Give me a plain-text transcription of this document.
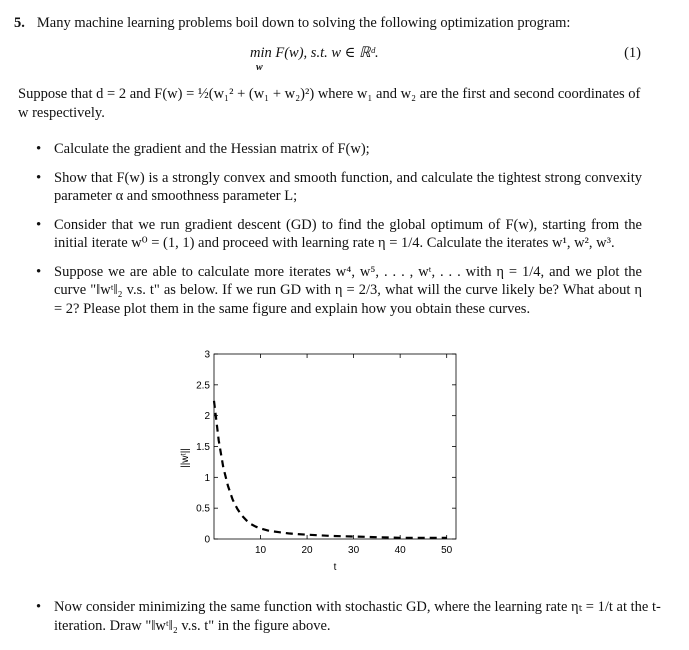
5. Many machine learning problems boil down to solving the following optimization program:
min F(w), s.t. w ∈ ℝᵈ.
w
(1)
Suppose that d = 2 and F(w) = ½(w₁² + (w₁ + w₂)²) where w₁ and w₂ are the first and second coordinates of w respectively.
• Calculate the gradient and the Hessian matrix of F(w);
• Show that F(w) is a strongly convex and smooth function, and calculate the tightest strong convexity parameter α and smoothness parameter L;
• Consider that we run gradient descent (GD) to find the global optimum of F(w), starting from the initial iterate w⁰ = (1, 1) and proceed with learning rate η = 1/4. Calculate the iterates w¹, w², w³.
• Suppose we are able to calculate more iterates w⁴, w⁵, . . . , wᵗ, . . . with η = 1/4, and we plot the curve "‖wᵗ‖₂ v.s. t" as below. If we run GD with η = 2/3, what will the curve likely be? What about η = 2? Please plot them in the same figure and explain how you obtain these curves.
0
0.5
1
1.5
2
2.5
3
10	20	30	40	50
||wᵗ||
t
• Now consider minimizing the same function with stochastic GD, where the learning rate ηₜ = 1/t at the t-iteration. Draw "‖wᵗ‖₂ v.s. t" in the figure above.
